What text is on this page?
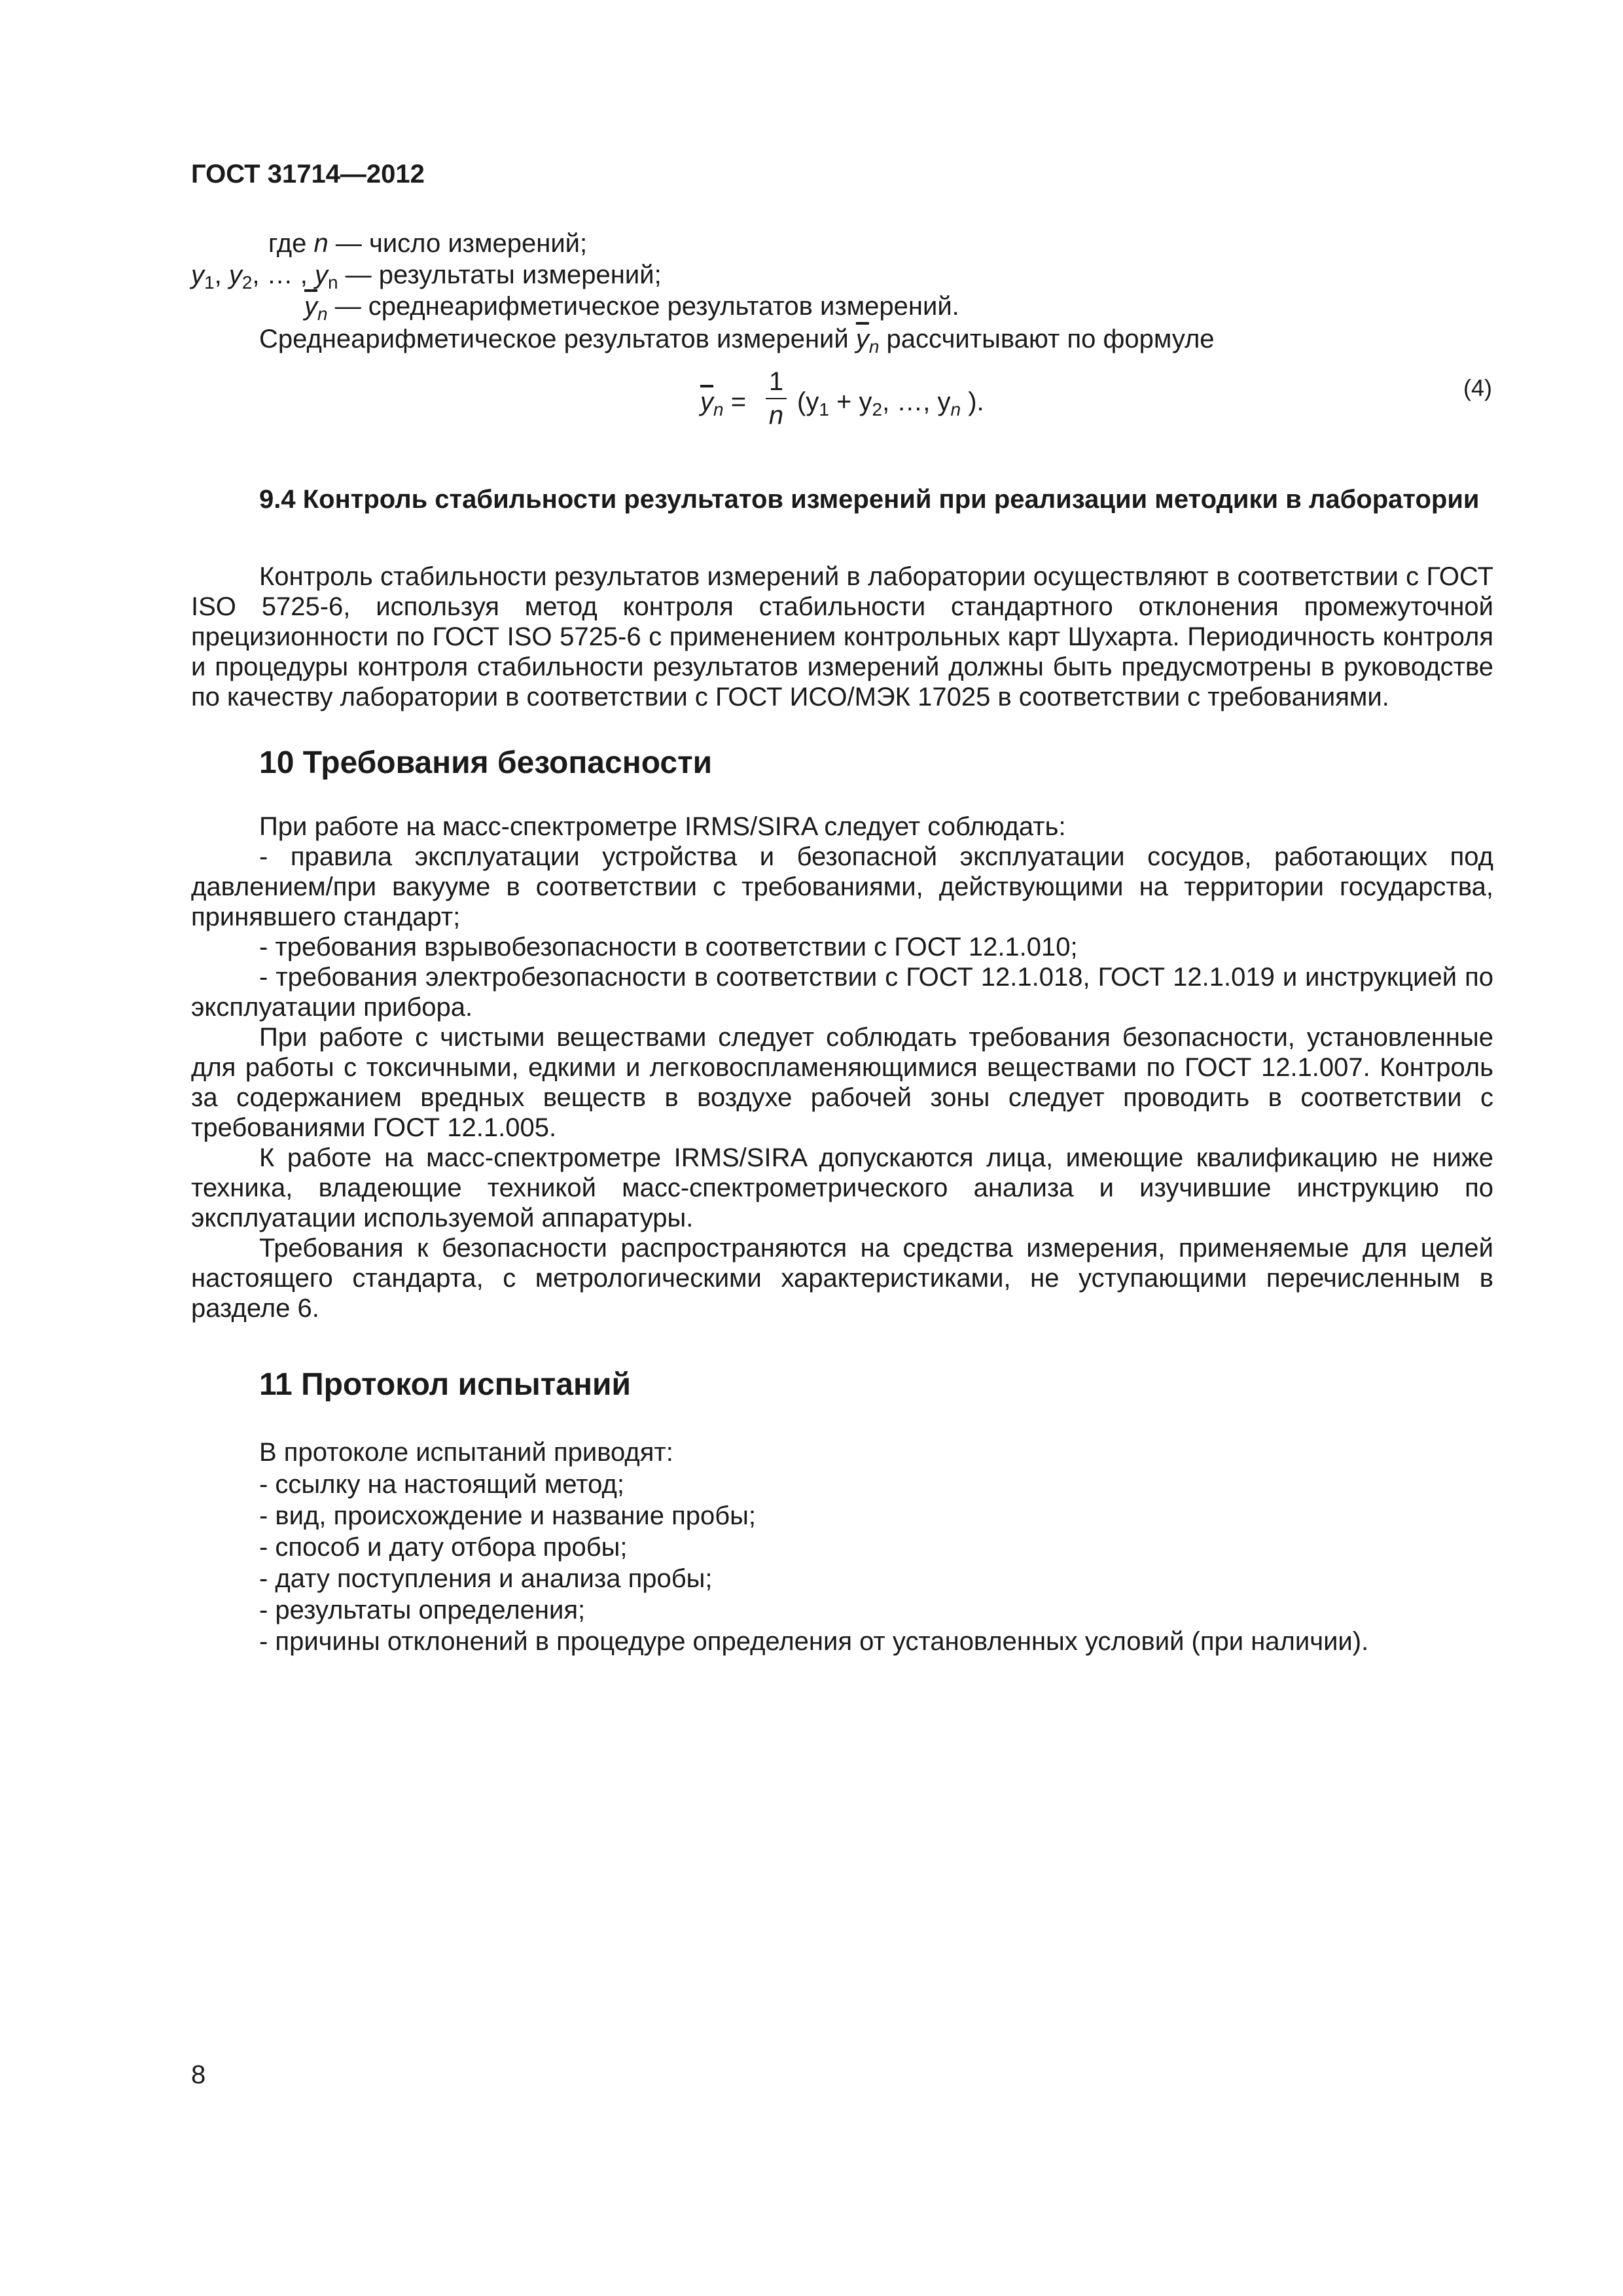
ГОСТ 31714—2012
где n — число измерений;
$y_1$, $y_2$, … , $y_n$ — результаты измерений;
$\overline{y}_n$ — среднеарифметическое результатов измерений.
Среднеарифметическое результатов измерений $\overline{y}_n$ рассчитывают по формуле
$\overline{y}_n$ =
1
n ($y_1 + y_2$, …, $y_n$ ).	(4)
9.4 Контроль стабильности результатов измерений при реализации методики в лаборатории
Контроль стабильности результатов измерений в лаборатории осуществляют в соответствии с ГОСТ ISO 5725-6, используя метод контроля стабильности стандартного отклонения промежуточной прецизионности по ГОСТ ISO 5725-6 с применением контрольных карт Шухарта. Периодичность контроля и процедуры контроля стабильности результатов измерений должны быть предусмотрены в руководстве по качеству лаборатории в соответствии с ГОСТ ИСО/МЭК 17025 в соответствии с требованиями.
10 Требования безопасности
При работе на масс-спектрометре IRMS/SIRA следует соблюдать:
- правила эксплуатации устройства и безопасной эксплуатации сосудов, работающих под давлением/при вакууме в соответствии с требованиями, действующими на территории государства, принявшего стандарт;
- требования взрывобезопасности в соответствии с ГОСТ 12.1.010;
- требования электробезопасности в соответствии с ГОСТ 12.1.018, ГОСТ 12.1.019 и инструкцией по эксплуатации прибора.
При работе с чистыми веществами следует соблюдать требования безопасности, установленные для работы с токсичными, едкими и легковоспламеняющимися веществами по ГОСТ 12.1.007. Контроль за содержанием вредных веществ в воздухе рабочей зоны следует проводить в соответствии с требованиями ГОСТ 12.1.005.
К работе на масс-спектрометре IRMS/SIRA допускаются лица, имеющие квалификацию не ниже техника, владеющие техникой масс-спектрометрического анализа и изучившие инструкцию по эксплуатации используемой аппаратуры.
Требования к безопасности распространяются на средства измерения, применяемые для целей настоящего стандарта, с метрологическими характеристиками, не уступающими перечисленным в разделе 6.
11 Протокол испытаний
В протоколе испытаний приводят:
- ссылку на настоящий метод;
- вид, происхождение и название пробы;
- способ и дату отбора пробы;
- дату поступления и анализа пробы;
- результаты определения;
- причины отклонений в процедуре определения от установленных условий (при наличии).
8
